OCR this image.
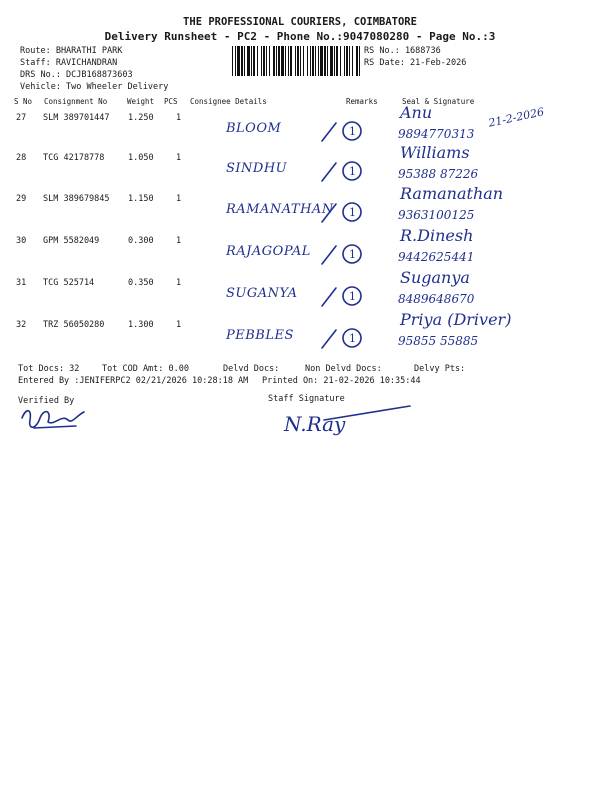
THE PROFESSIONAL COURIERS, COIMBATORE
Delivery Runsheet - PC2 - Phone No.:9047080280 - Page No.:3
Route: BHARATHI PARK
Staff: RAVICHANDRAN
DRS No.: DCJB168873603
Vehicle: Two Wheeler Delivery
RS No.: 1688736
RS Date: 21-Feb-2026
S No Consignment No	Weight PCS Consignee Details	Remarks	Seal & Signature
27 SLM 389701447 1.250	1
BLOOM	1
Anu
9894770313
21-2-2026
28 TCG 42178778	1.050	1
SINDHU	1
Williams
95388 87226
29 SLM 389679845 1.150	1
RAMANATHAN 1
Ramanathan
9363100125
30 GPM 5582049	0.300	1
RAJAGOPAL	1
R.Dinesh
9442625441
31 TCG 525714	0.350	1
SUGANYA	1
Suganya
8489648670
32 TRZ 56050280	1.300	1
PEBBLES	1
Priya (Driver)
95855 55885
Tot Docs: 32	Tot COD Amt: 0.00	Delvd Docs:	Non Delvd Docs:	Delvy Pts:
Entered By :JENIFERPC2 02/21/2026 10:28:18 AM Printed On: 21-02-2026 10:35:44
Verified By	Staff Signature
N.Ray
